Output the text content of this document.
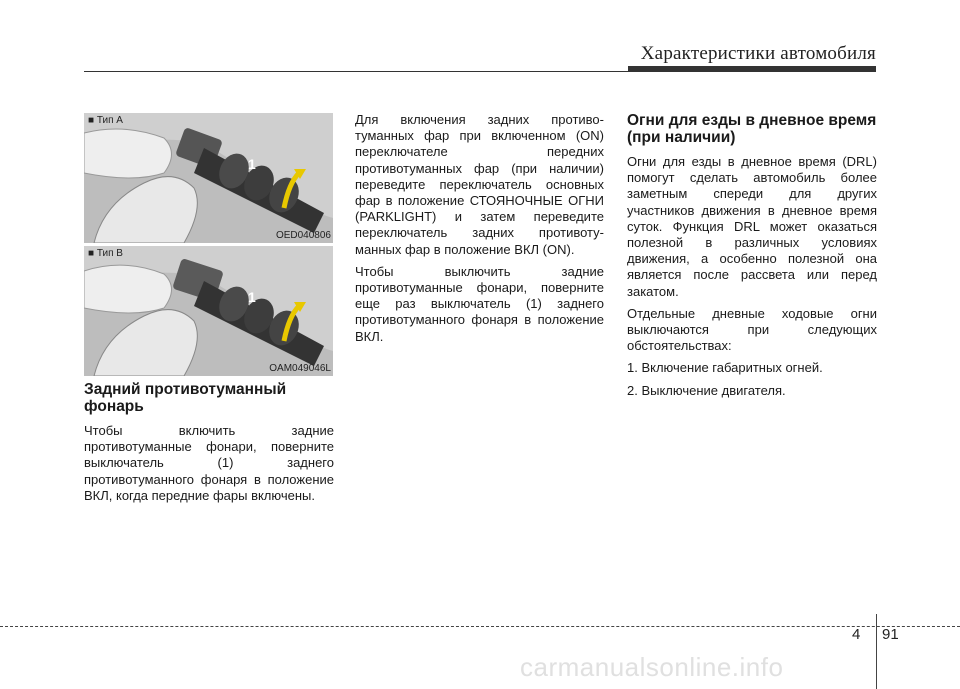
Характеристики автомобиля
1
■ Тип A
OED040806
1
■ Тип B
OAM049046L
Задний противотуманный фонарь

Чтобы включить задние противотуманные фонари, поверните выключатель (1) заднего противотуманного фонаря в положение ВКЛ, когда передние фары включены.

Для включения задних противо-туманных фар при включенном (ON) переключателе передних противотуманных фар (при наличии) переведите переключатель основных фар в положение СТОЯНОЧНЫЕ ОГНИ (PARKLIGHT) и затем переведите переключатель задних противоту-манных фар в положение ВКЛ (ON).

Чтобы выключить задние противотуманные фонари, поверните еще раз выключатель (1) заднего противотуманного фонаря в положение ВКЛ.

Огни для езды в дневное время (при наличии)

Огни для езды в дневное время (DRL) помогут сделать автомобиль более заметным спереди для других участников движения в дневное время суток. Функция DRL может оказаться полезной в различных условиях движения, а особенно полезной она является после рассвета или перед закатом.

Отдельные дневные ходовые огни выключаются при следующих обстоятельствах:

1. Включение габаритных огней.

2. Выключение двигателя.

4 91
carmanualsonline.info
